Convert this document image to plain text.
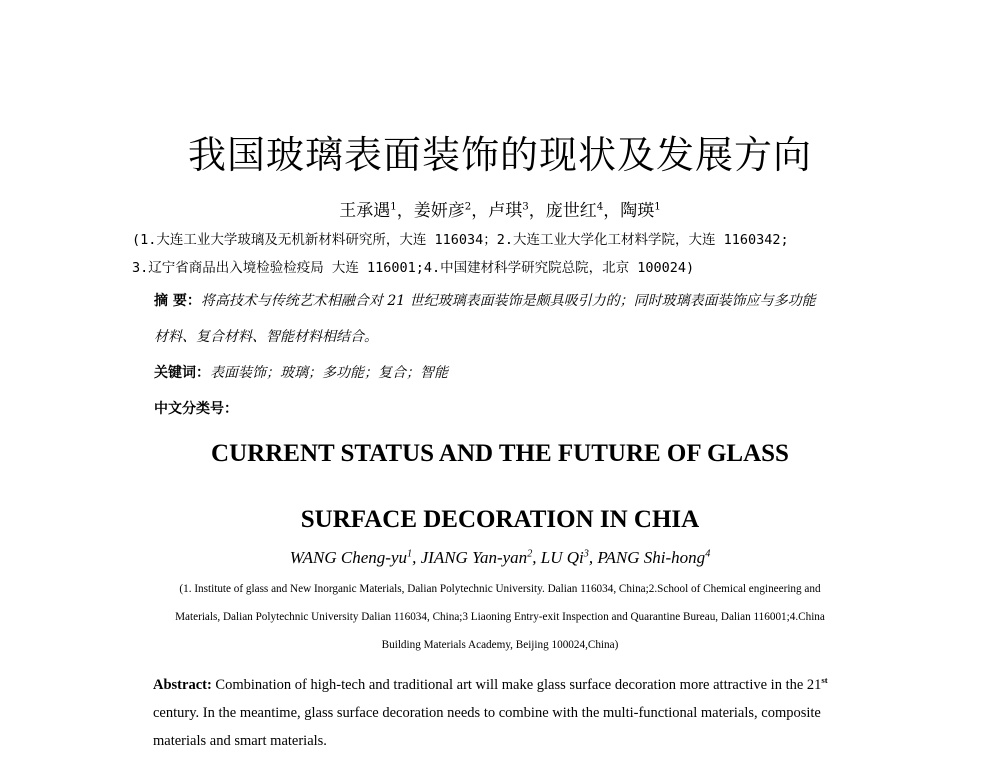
我国玻璃表面装饰的现状及发展方向
王承遇$^1$，姜妍彦$^2$，卢琪$^3$，庞世红$^4$，陶瑛$^1$
(1.大连工业大学玻璃及无机新材料研究所，大连 116034；2.大连工业大学化工材料学院，大连 1160342;
3.辽宁省商品出入境检验检疫局 大连 116001;4.中国建材科学研究院总院，北京 100024)
摘 要：将高技术与传统艺术相融合对 21 世纪玻璃表面装饰是颇具吸引力的；同时玻璃表面装饰应与多功能
材料、复合材料、智能材料相结合。
关键词：表面装饰；玻璃；多功能；复合；智能
中文分类号：
CURRENT STATUS AND THE FUTURE OF GLASS
SURFACE DECORATION IN CHIA
WANG Cheng-$yu^1$, JIANG Yan-yan$^2$, LU Qi$^3$, PANG Shi-hong$^4$
(1. Institute of glass and New Inorganic Materials, Dalian Polytechnic University. Dalian 116034, China;2.School of Chemical engineering and
Materials, Dalian Polytechnic University Dalian 116034, China;3 Liaoning Entry-exit Inspection and Quarantine Bureau, Dalian 116001;4.China
Building Materials Academy, Beijing 100024,China)
Abstract: Combination of high-tech and traditional art will make glass surface decoration more attractive in the 21st
century. In the meantime, glass surface decoration needs to combine with the multi-functional materials, composite
materials and smart materials.
